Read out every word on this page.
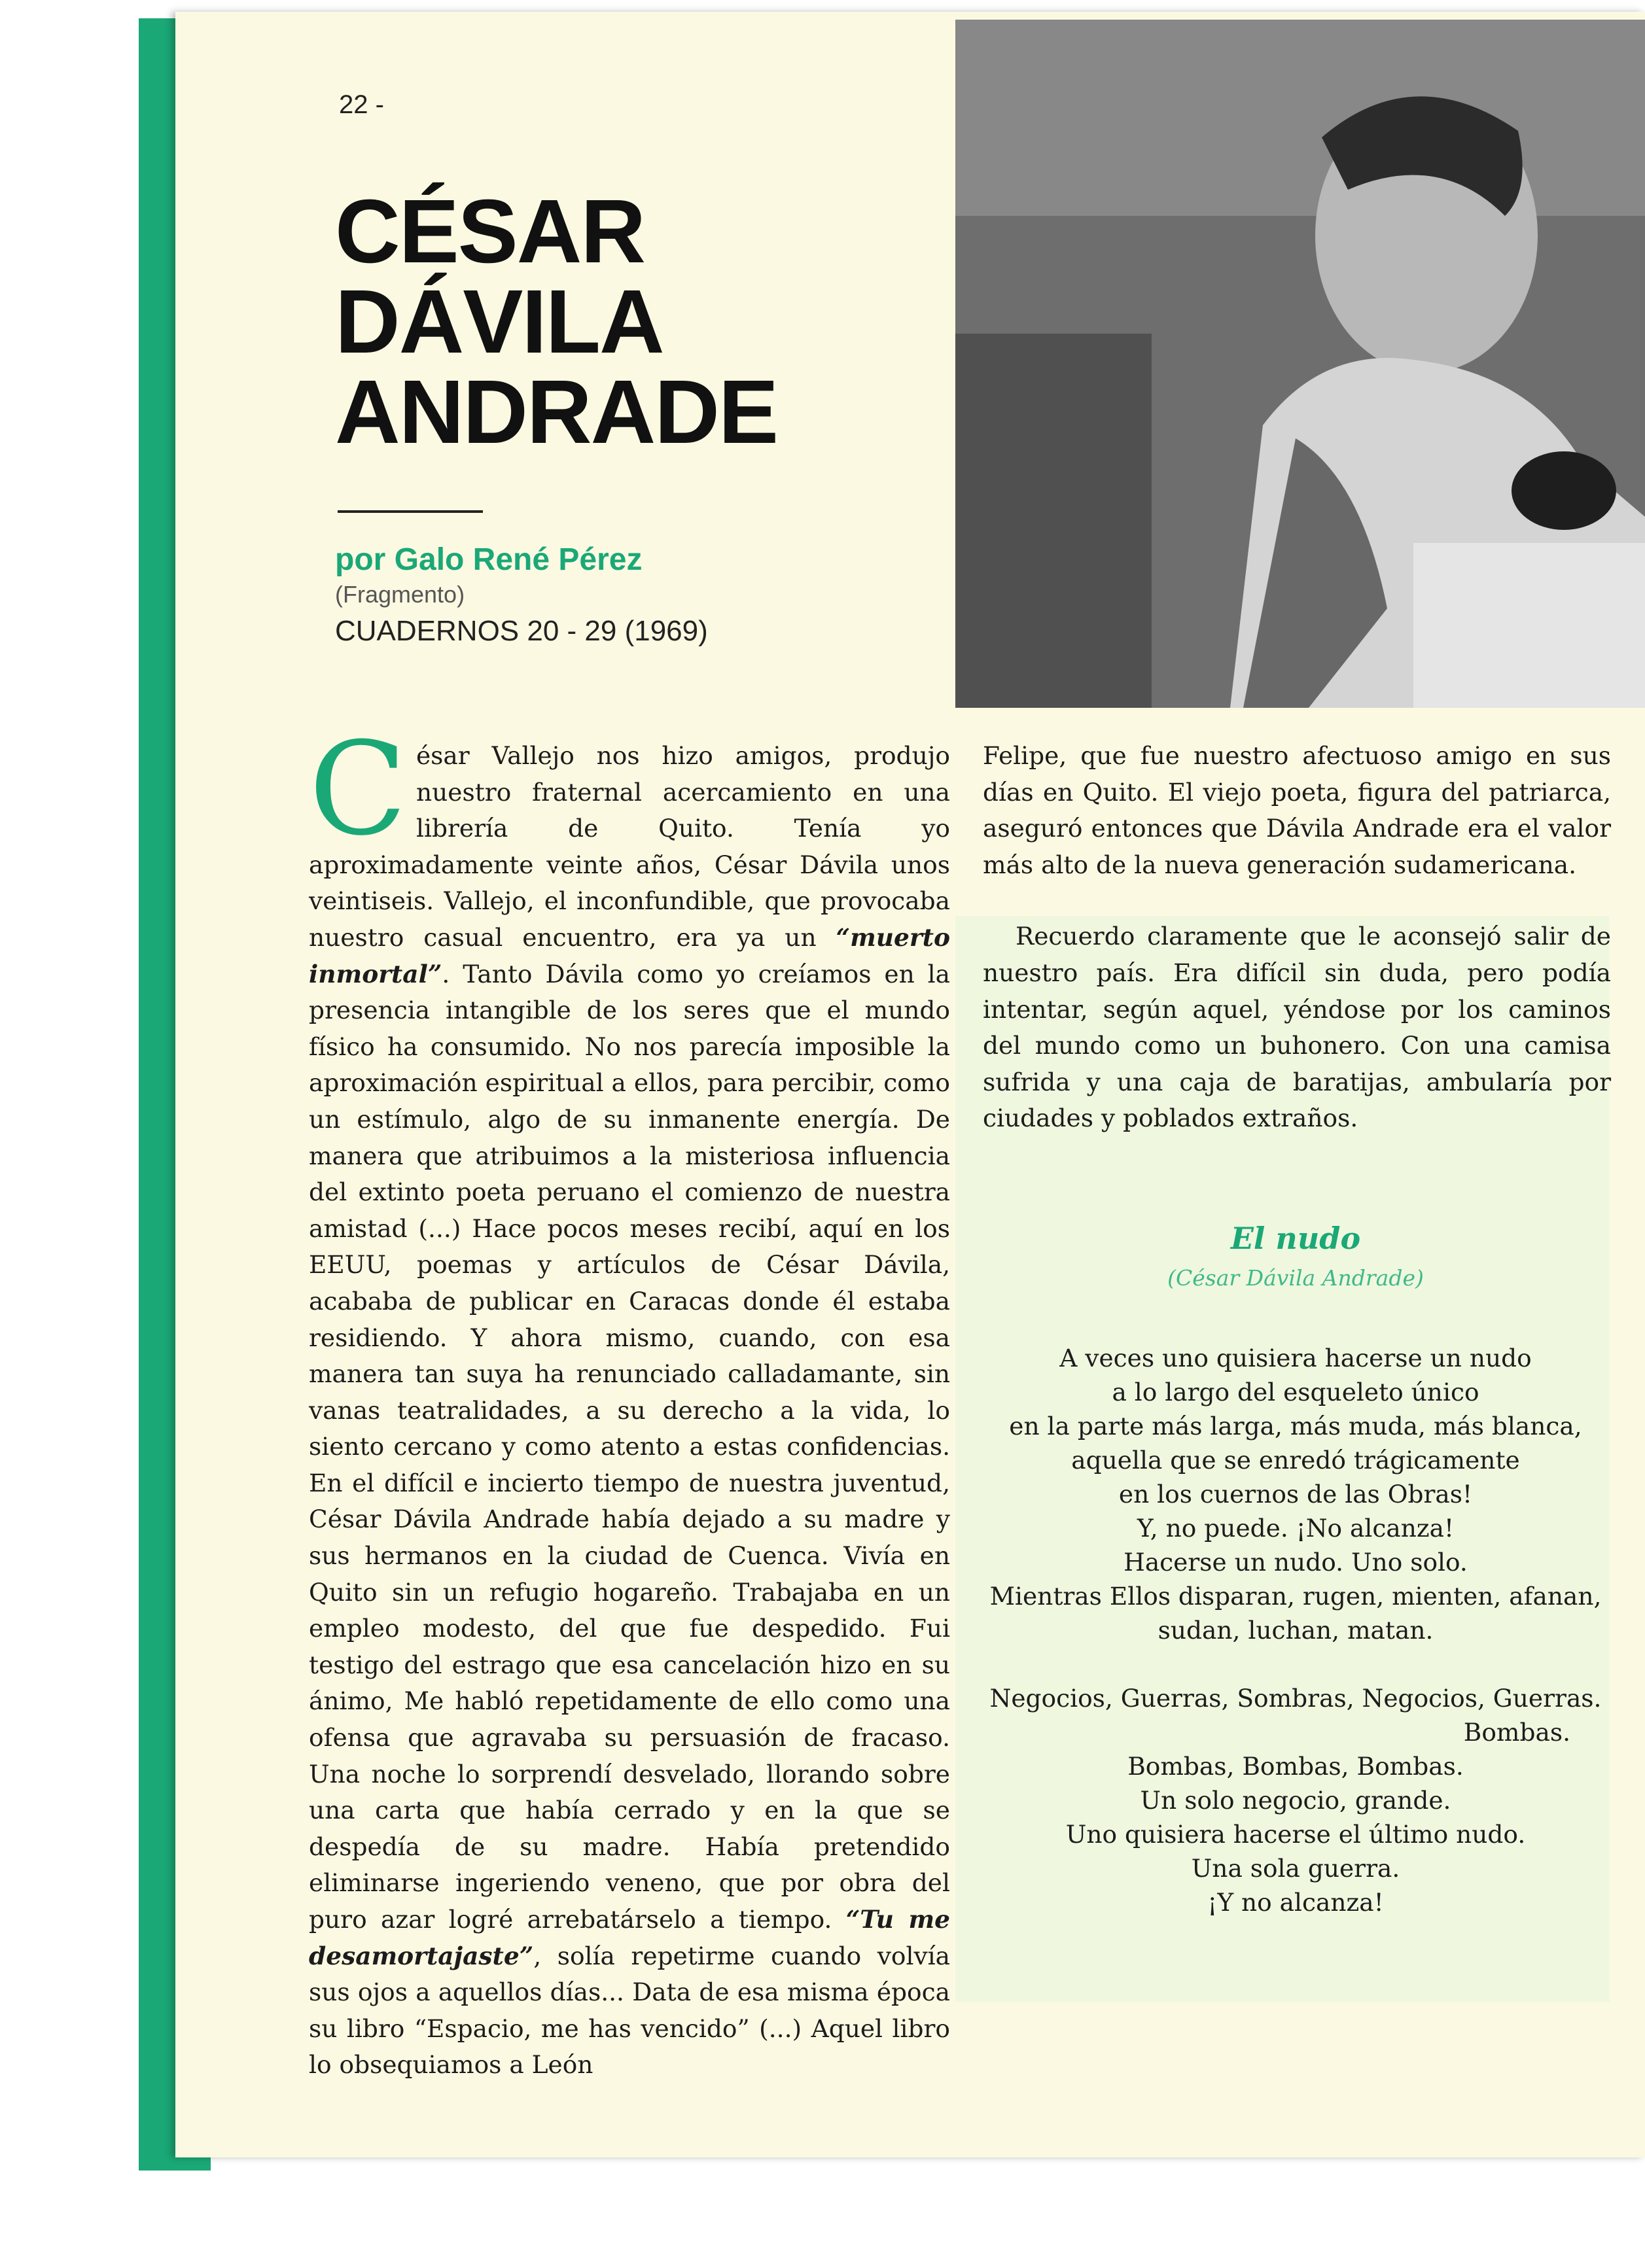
22 -
CÉSAR
DÁVILA
ANDRADE
por Galo René Pérez
(Fragmento)
CUADERNOS 20 - 29 (1969)

César Vallejo nos hizo amigos, produjo nuestro fraternal acercamiento en una librería de Quito. Tenía yo aproximadamente veinte años, César Dávila unos veintiseis. Vallejo, el inconfundible, que provocaba nuestro casual encuentro, era ya un “muerto inmortal”. Tanto Dávila como yo creíamos en la presencia intangible de los seres que el mundo físico ha consumido. No nos parecía imposible la aproximación espiritual a ellos, para percibir, como un estímulo, algo de su inmanente energía. De manera que atribuimos a la misteriosa influencia del extinto poeta peruano el comienzo de nuestra amistad (...) Hace pocos meses recibí, aquí en los EEUU, poemas y artículos de César Dávila, acababa de publicar en Caracas donde él estaba residiendo. Y ahora mismo, cuando, con esa manera tan suya ha renunciado calladamante, sin vanas teatralidades, a su derecho a la vida, lo siento cercano y como atento a estas confidencias. En el difícil e incierto tiempo de nuestra juventud, César Dávila Andrade había dejado a su madre y sus hermanos en la ciudad de Cuenca. Vivía en Quito sin un refugio hogareño. Trabajaba en un empleo modesto, del que fue despedido. Fui testigo del estrago que esa cancelación hizo en su ánimo, Me habló repetidamente de ello como una ofensa que agravaba su persuasión de fracaso. Una noche lo sorprendí desvelado, llorando sobre una carta que había cerrado y en la que se despedía de su madre. Había pretendido eliminarse ingeriendo veneno, que por obra del puro azar logré arrebatárselo a tiempo. “Tu me desamortajaste”, solía repetirme cuando volvía sus ojos a aquellos días... Data de esa misma época su libro “Espacio, me has vencido” (...) Aquel libro lo obsequiamos a León

Felipe, que fue nuestro afectuoso amigo en sus días en Quito. El viejo poeta, figura del patriarca, aseguró entonces que Dávila Andrade era el valor más alto de la nueva generación sudamericana.

Recuerdo claramente que le aconsejó salir de nuestro país. Era difícil sin duda, pero podía intentar, según aquel, yéndose por los caminos del mundo como un buhonero. Con una camisa sufrida y una caja de baratijas, ambularía por ciudades y poblados extraños.

El nudo
(César Dávila Andrade)
A veces uno quisiera hacerse un nudo
a lo largo del esqueleto único
en la parte más larga, más muda, más blanca,
aquella que se enredó trágicamente
en los cuernos de las Obras!
Y, no puede. ¡No alcanza!
Hacerse un nudo. Uno solo.
Mientras Ellos disparan, rugen, mienten, afanan,
sudan, luchan, matan.
Negocios, Guerras, Sombras, Negocios, Guerras.
Bombas.
Bombas, Bombas, Bombas.
Un solo negocio, grande.
Uno quisiera hacerse el último nudo.
Una sola guerra.
¡Y no alcanza!
